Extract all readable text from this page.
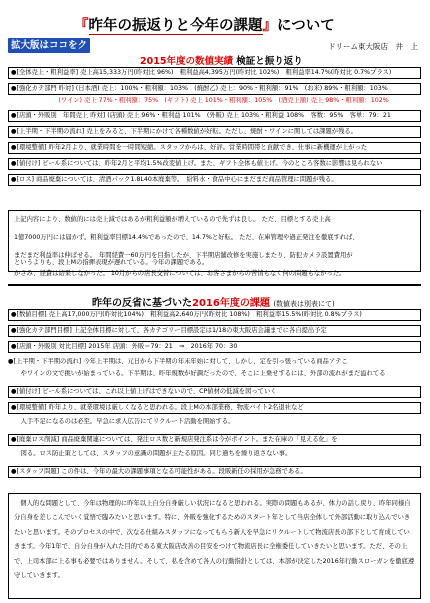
『昨年の振返りと今年の課題』について
拡大版はココをクリック
ドリーム東大阪店　井　上
2015年度の数値実績 検証と振り返り
●[全体売上・粗利益率] 売上高15,333万円(昨対比 96%)　粗利益高4,395万円(昨対比 102%)　粗利益率14.7%(昨対比 0.7%プラス)
●[強化カテ部門 昨対] (日本酒) 売上：100%・粗利額：103%　(焼酎乙) 売上：90%・粗利額：91%　(お米) 89%・粗利額：103%
　　　　　　　　(ワイン) 売上 77%・粗利額：75%　(ギフト) 売上 101%・粗利額：105%　(酒売上額) 売上 98%・粗利額：102%
●[店頭・外販別　年間売上 昨対] (店頭) 売上 96%・粗利益 101%　(外販) 売上 103%・粗利益 108%　客数：95%　客単：79：21
●[上半期・下半期の流れ] 売上をみると、下半期にかけて各種数値が好転。ただし、焼酎・ワインに関しては課題が残る。
●[環境整備] 昨年2月より、就業時間を一時間短縮。スタッフからは、好評。営業時間帯と貢献でき、仕事に新機運が上がった
●[値付け] ビール系については、昨年2月と平均1.5%改変値上げ。また、ギフト全体も値上げ。今のところ客数に影響は見られない
●[ロス] 商品廃棄については、清酒パック1.8L40本廃棄等。　紛料水・食品中心にまだまだ商品管理に問題が残る。

上記内容により、数値的には売上減ではあるが粗利益額が増えているので先ずは良し。 ただ、目標とする売上高

1億7000万円には届かず。粗利益率目標14.4%であったので、14.7%と好転。 ただ、在庫管理や過正発注を徹底すれば、

まだまだ利益率は伸ばせる。　年間経費一60万円を目指したが、下半期店舗改修を実施しまたり、防犯カメラ設置費用が

かさみ、経費は結果しなかった。 10月からの店長交替については、お客さまからの苦情もなく何の問題もなかった。

というよりも、段上Mの指揮表現が遅れている。今年の課題である。
昨年の反省に基づいた2016年度の課題 (数値表は別表にて)
●[数値目標] 売上高17,000万円(昨対比104%)　粗利益高2,640万円(昨対比 108%)　粗利益率15.5%(昨対比 0.8%プラス)
●[強化カテ部門目標] 上記全体目標に対して、各カテゴリー目標設定は1/18の東大阪店会議までに各自提出予定
●[店頭・外販別 対比目標] 2015年 店頭：外販＝79：21　⇒　2016年 70：30
●[上半期・下半期の流れ] 今年上半期は、元日から下半期の年末年始に対して、しかし、定を引っ張っている商品アテこ
　　やワインの文で挑いが始まっている。下半期は、昨年規数が好調だったので、そこに上乗せするには、外部の流れがまだ溢れてる
●[値付け] ビール系については、これ以上値上げはできないので、CP値材の低減を図っていく
●[環境整備] 昨年より、就業環境は厳しくなると思われる。段上Mの本部業務、物流バイト2名退社など
　　人手不足になるのは必至。早急に求人広告にてリクルート活動を開始する。
●[廃棄ロス削減] 商品廃棄関連については、発注ロス数と新規店発注系は今がポイント。また在庫の「見える化」を
　　図る。ロス防止策としては、スタッフの意識の問題が主たる原因。同じ過ちを繰り返さない事。
●[スタッフ問題] この件は、今年の最大の課題事項となる可能性がある。段販新任の採用が急務である。

　個人的な問題として、今年は物理的に昨年以上自分自身厳しい状況になると思われる。実際の問題もあるが、体力の話し戻り、昨年同様自分自身を差しこんでいく覚悟で臨みたいと思います。特に、外販を強化するためのスタート年として当店全体して外部活動に取り込んでいきたいと思います。そのプロセスの中で、次なる仕組みスタッフになってもらう新人を早急にリクルートして物流店長の部下として育成していきます。今年1年で、自分自身が入れた目的である東大阪店改善の目安をつけて物流店長に全権委任していきたいと思います。ただ、その上で、上司本部に上る事も必要ではありません。そして、私を含めて各人の行動指針としては、本部が決定した2016年行動スローガンを徹底遵守していきます。
